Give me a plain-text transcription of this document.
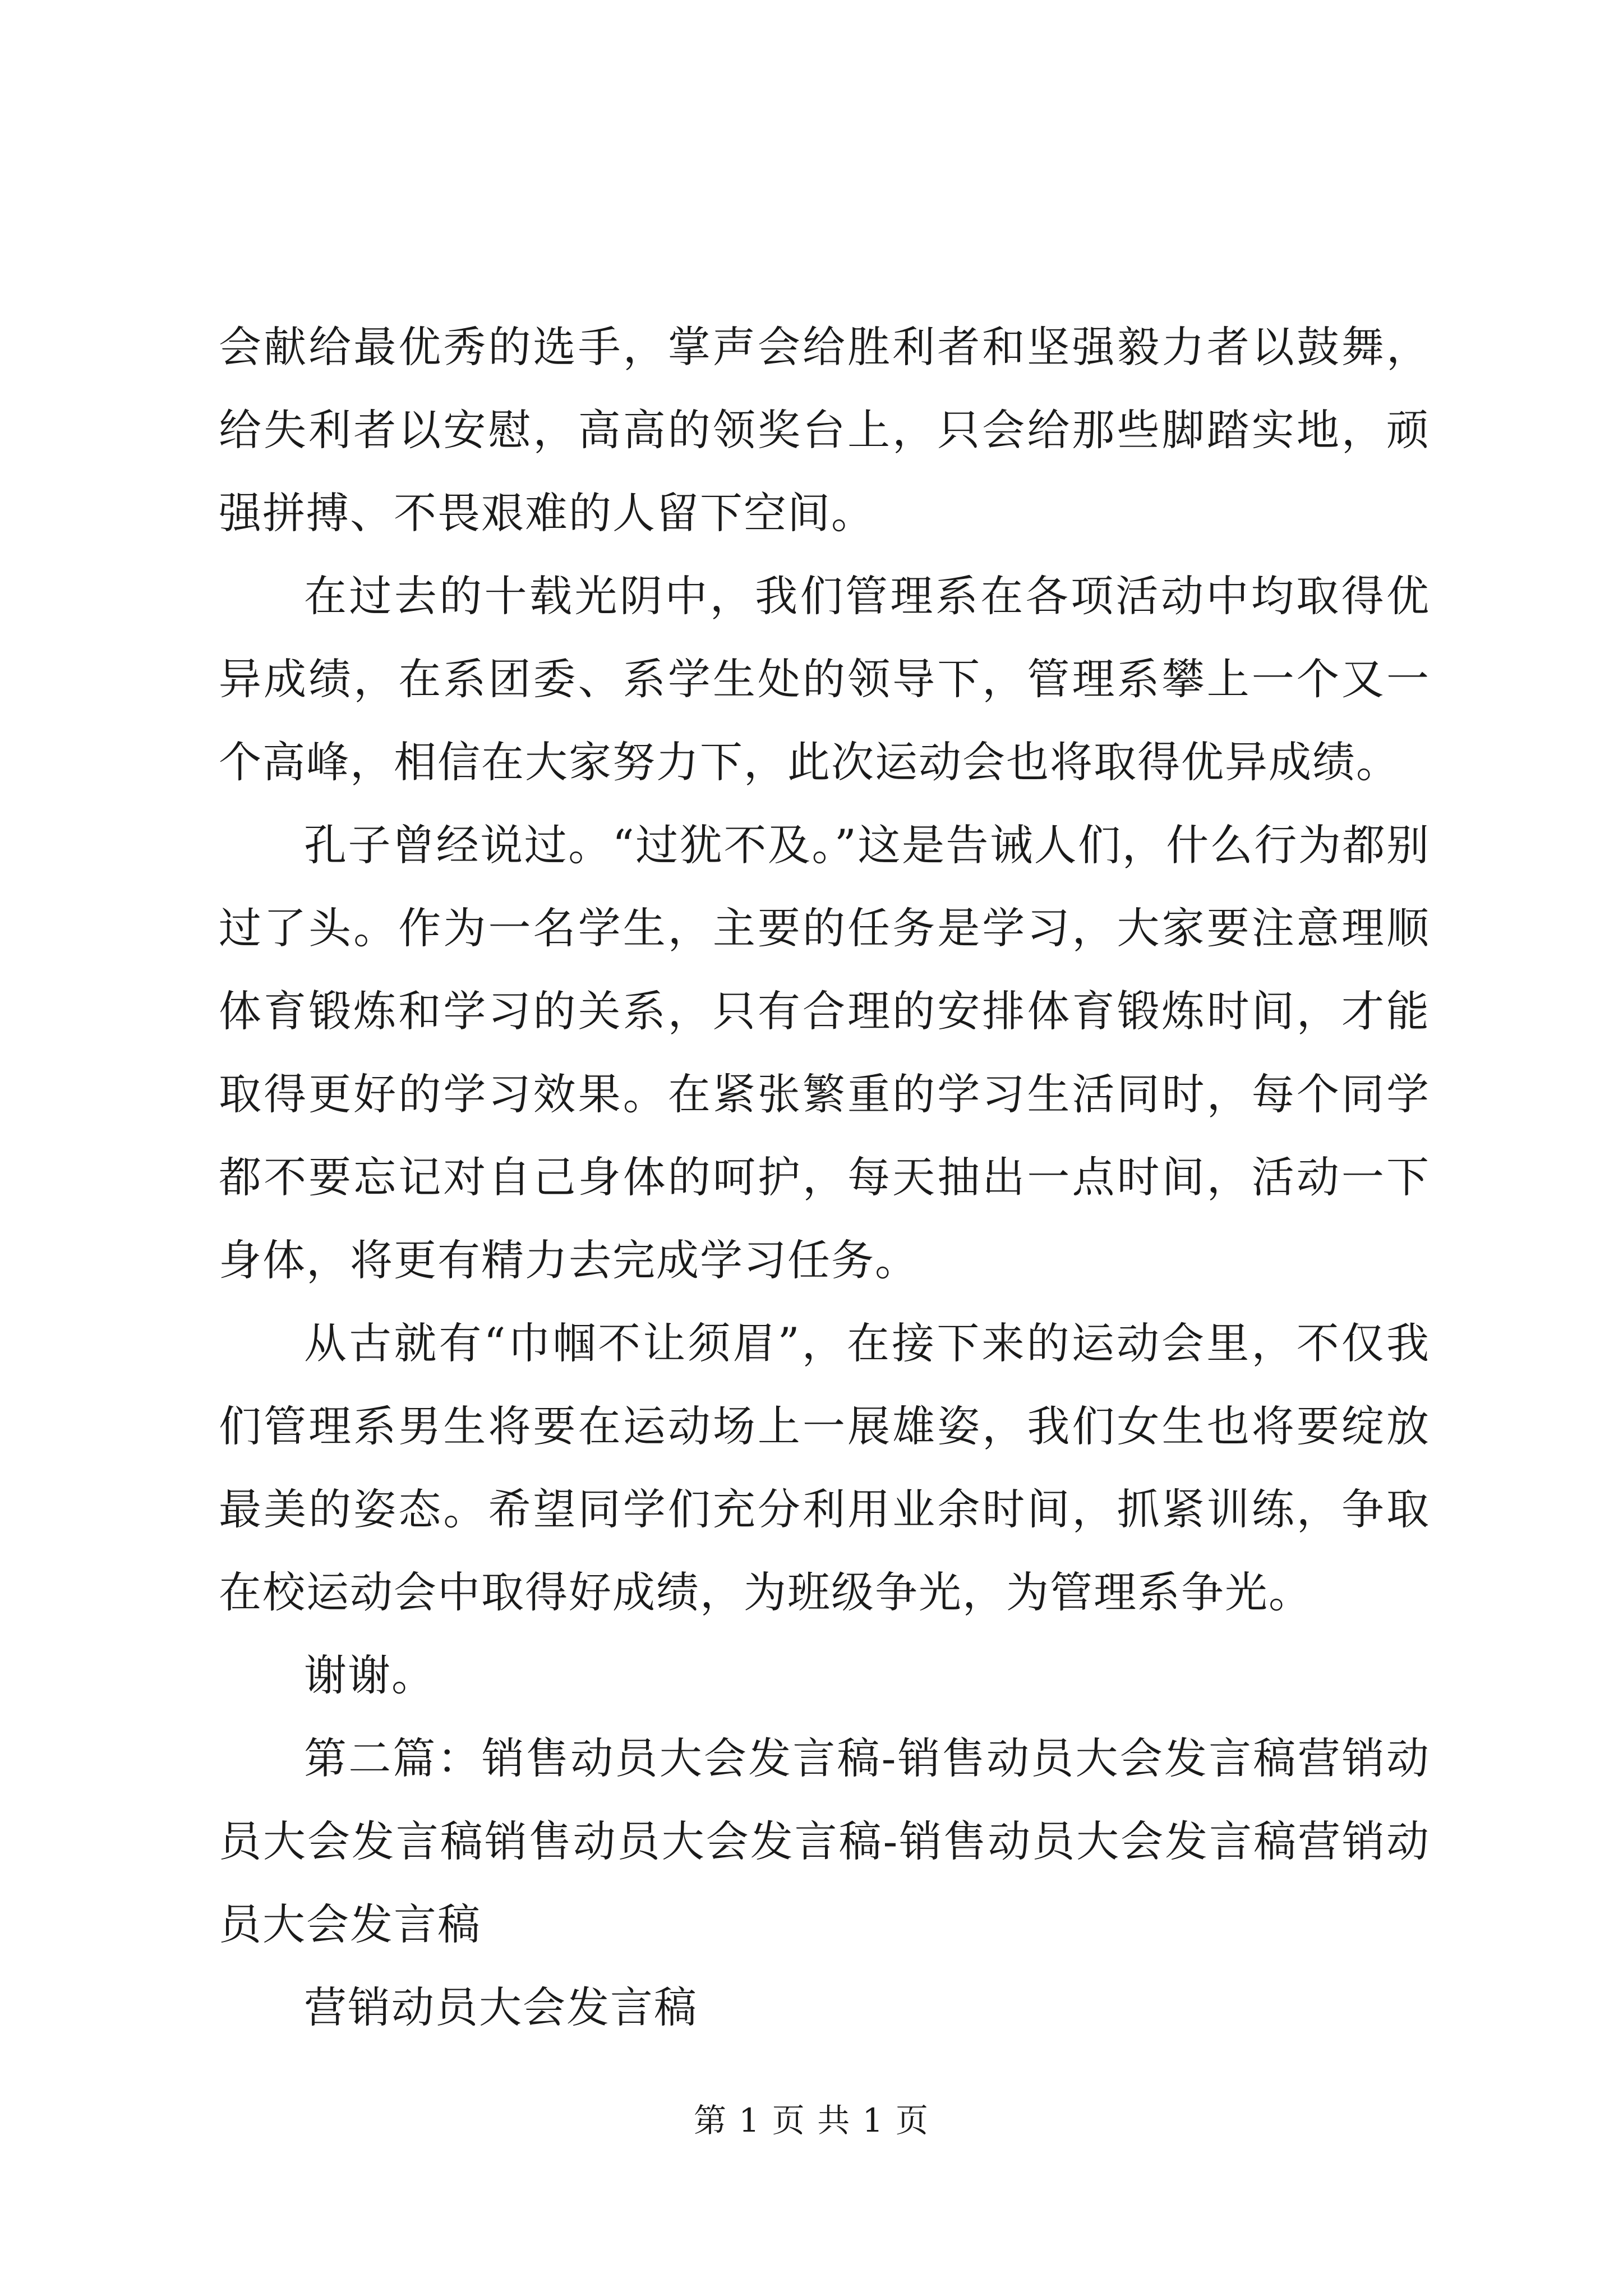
会献给最优秀的选手，掌声会给胜利者和坚强毅力者以鼓舞，给失利者以安慰，高高的领奖台上，只会给那些脚踏实地，顽强拼搏、不畏艰难的人留下空间。

在过去的十载光阴中，我们管理系在各项活动中均取得优异成绩，在系团委、系学生处的领导下，管理系攀上一个又一个高峰，相信在大家努力下，此次运动会也将取得优异成绩。

孔子曾经说过。“过犹不及。”这是告诫人们，什么行为都别过了头。作为一名学生，主要的任务是学习，大家要注意理顺体育锻炼和学习的关系，只有合理的安排体育锻炼时间，才能取得更好的学习效果。在紧张繁重的学习生活同时，每个同学都不要忘记对自己身体的呵护，每天抽出一点时间，活动一下身体，将更有精力去完成学习任务。

从古就有“巾帼不让须眉”，在接下来的运动会里，不仅我们管理系男生将要在运动场上一展雄姿，我们女生也将要绽放最美的姿态。希望同学们充分利用业余时间，抓紧训练，争取在校运动会中取得好成绩，为班级争光，为管理系争光。

谢谢。

第二篇：销售动员大会发言稿-销售动员大会发言稿营销动员大会发言稿销售动员大会发言稿-销售动员大会发言稿营销动员大会发言稿

营销动员大会发言稿

第 1 页 共 1 页
